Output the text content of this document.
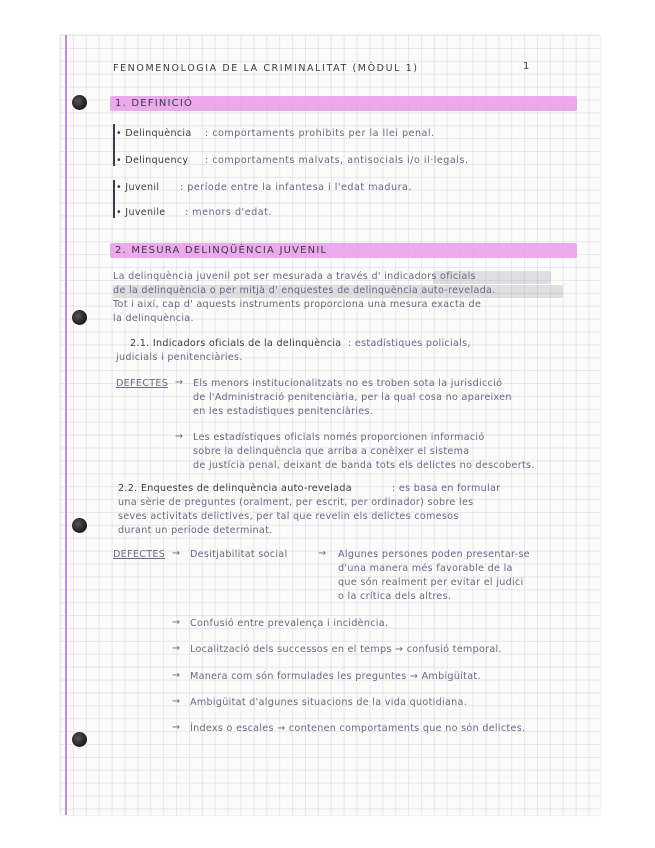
FENOMENOLOGIA DE LA CRIMINALITAT (MÒDUL 1)	1
1. DEFINICIÓ
• Delinquència : comportaments prohibits per la llei penal.
• Delinquency : comportaments malvats, antisocials i/o il·legals.
• Juvenil : període entre la infantesa i l'edat madura.
• Juvenile : menors d'edat.
2. MESURA DELINQÜÈNCIA JUVENIL
La delinquència juvenil pot ser mesurada a través d' indicadors oficials
de la delinquència o per mitjà d' enquestes de delinquència auto-revelada.
Tot i així, cap d' aquests instruments proporciona una mesura exacta de
la delinquència.
2.1. Indicadors oficials de la delinquència : estadístiques policials,
judicials i penitenciàries.
DEFECTES → Els menors institucionalitzats no es troben sota la jurisdicció
de l'Administració penitenciària, per la qual cosa no apareixen
en les estadístiques penitenciàries.
→ Les estadístiques oficials només proporcionen informació
sobre la delinquència que arriba a conèixer el sistema
de justícia penal, deixant de banda tots els delictes no descoberts.
2.2. Enquestes de delinquència auto-revelada	: es basa en formular
una sèrie de preguntes (oralment, per escrit, per ordinador) sobre les
seves activitats delictives, per tal que revelin els delictes comesos
durant un període determinat.
DEFECTES → Desitjabilitat social	→ Algunes persones poden presentar-se
d'una manera més favorable de la
que són realment per evitar el judici
o la crítica dels altres.
→ Confusió entre prevalença i incidència.
→ Localització dels successos en el temps → confusió temporal.
→ Manera com són formulades les preguntes → Ambigüitat.
→ Ambigüitat d'algunes situacions de la vida quotidiana.
→ Índexs o escales → contenen comportaments que no són delictes.
